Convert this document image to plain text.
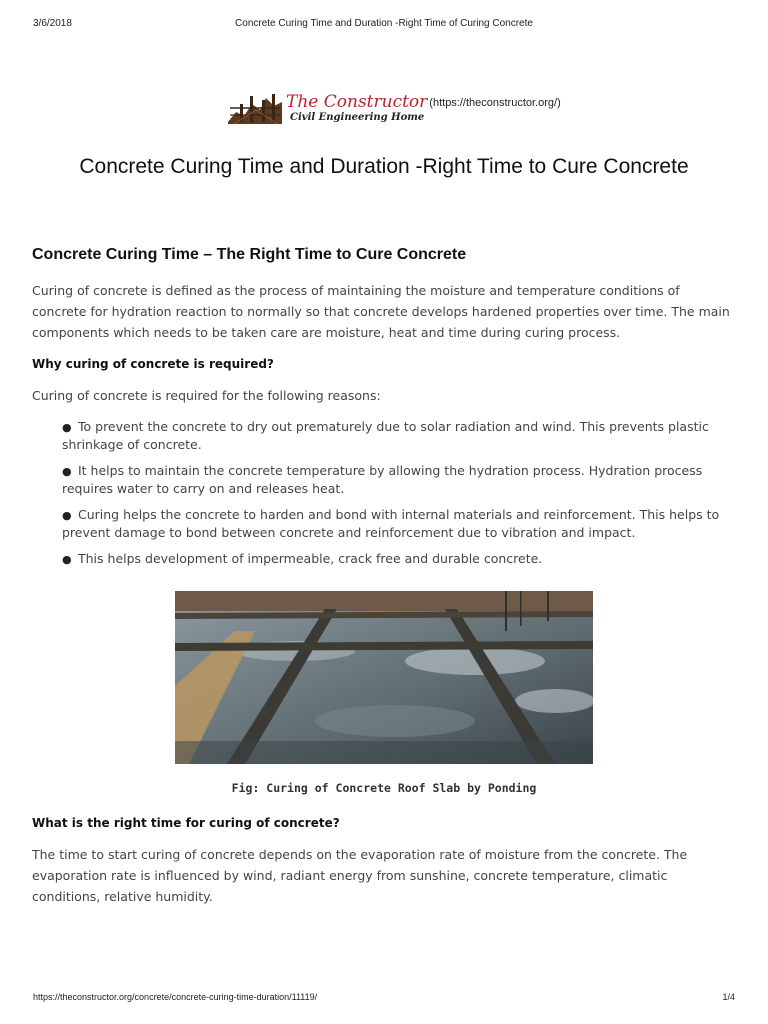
3/6/2018	Concrete Curing Time and Duration -Right Time of Curing Concrete
The Constructor
Civil Engineering Home
(https://theconstructor.org/)
Concrete Curing Time and Duration -Right Time to Cure Concrete
Concrete Curing Time – The Right Time to Cure Concrete

Curing of concrete is defined as the process of maintaining the moisture and temperature conditions of concrete for hydration reaction to normally so that concrete develops hardened properties over time. The main components which needs to be taken care are moisture, heat and time during curing process.

Why curing of concrete is required?

Curing of concrete is required for the following reasons:

● To prevent the concrete to dry out prematurely due to solar radiation and wind. This prevents plastic shrinkage of concrete.
● It helps to maintain the concrete temperature by allowing the hydration process. Hydration process requires water to carry on and releases heat.
● Curing helps the concrete to harden and bond with internal materials and reinforcement. This helps to prevent damage to bond between concrete and reinforcement due to vibration and impact.
● This helps development of impermeable, crack free and durable concrete.
Fig: Curing of Concrete Roof Slab by Ponding
What is the right time for curing of concrete?

The time to start curing of concrete depends on the evaporation rate of moisture from the concrete. The evaporation rate is influenced by wind, radiant energy from sunshine, concrete temperature, climatic conditions, relative humidity.

https://theconstructor.org/concrete/concrete-curing-time-duration/11119/	1/4
